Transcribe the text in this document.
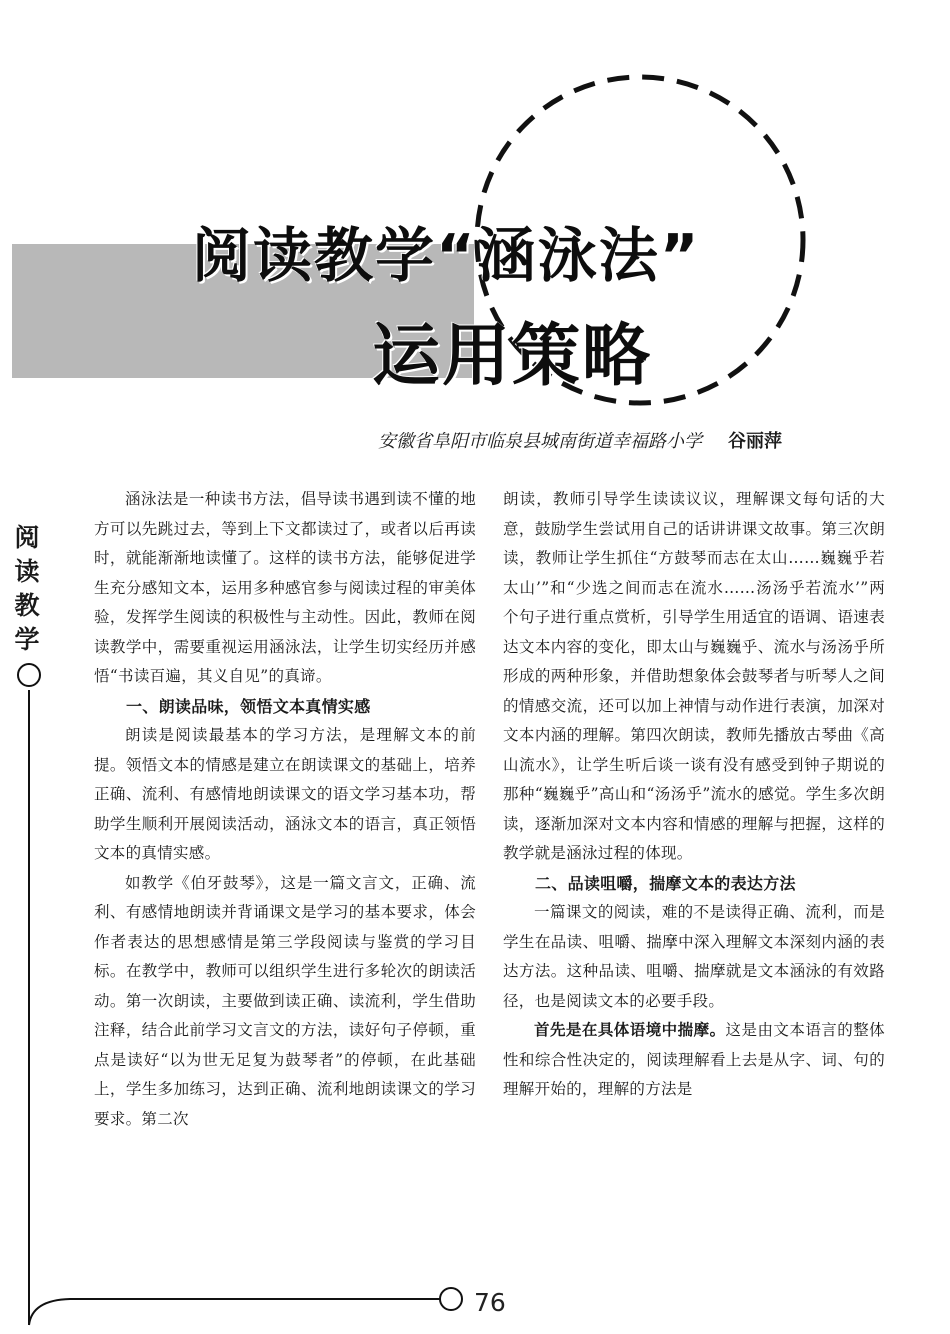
阅读教学“涵泳法”
运用策略
安徽省阜阳市临泉县城南街道幸福路小学 谷丽萍
阅
读
教
学

涵泳法是一种读书方法，倡导读书遇到读不懂的地方可以先跳过去，等到上下文都读过了，或者以后再读时，就能渐渐地读懂了。这样的读书方法，能够促进学生充分感知文本，运用多种感官参与阅读过程的审美体验，发挥学生阅读的积极性与主动性。因此，教师在阅读教学中，需要重视运用涵泳法，让学生切实经历并感悟“书读百遍，其义自见”的真谛。

一、朗读品味，领悟文本真情实感

朗读是阅读最基本的学习方法，是理解文本的前提。领悟文本的情感是建立在朗读课文的基础上，培养正确、流利、有感情地朗读课文的语文学习基本功，帮助学生顺利开展阅读活动，涵泳文本的语言，真正领悟文本的真情实感。

如教学《伯牙鼓琴》，这是一篇文言文，正确、流利、有感情地朗读并背诵课文是学习的基本要求，体会作者表达的思想感情是第三学段阅读与鉴赏的学习目标。在教学中，教师可以组织学生进行多轮次的朗读活动。第一次朗读，主要做到读正确、读流利，学生借助注释，结合此前学习文言文的方法，读好句子停顿，重点是读好“以为世无足复为鼓琴者”的停顿，在此基础上，学生多加练习，达到正确、流利地朗读课文的学习要求。第二次

朗读，教师引导学生读读议议，理解课文每句话的大意，鼓励学生尝试用自己的话讲讲课文故事。第三次朗读，教师让学生抓住“方鼓琴而志在太山……巍巍乎若太山’”和“少选之间而志在流水……汤汤乎若流水’”两个句子进行重点赏析，引导学生用适宜的语调、语速表达文本内容的变化，即太山与巍巍乎、流水与汤汤乎所形成的两种形象，并借助想象体会鼓琴者与听琴人之间的情感交流，还可以加上神情与动作进行表演，加深对文本内涵的理解。第四次朗读，教师先播放古琴曲《高山流水》，让学生听后谈一谈有没有感受到钟子期说的那种“巍巍乎”高山和“汤汤乎”流水的感觉。学生多次朗读，逐渐加深对文本内容和情感的理解与把握，这样的教学就是涵泳过程的体现。

二、品读咀嚼，揣摩文本的表达方法

一篇课文的阅读，难的不是读得正确、流利，而是学生在品读、咀嚼、揣摩中深入理解文本深刻内涵的表达方法。这种品读、咀嚼、揣摩就是文本涵泳的有效路径，也是阅读文本的必要手段。

首先是在具体语境中揣摩。这是由文本语言的整体性和综合性决定的，阅读理解看上去是从字、词、句的理解开始的，理解的方法是

76
